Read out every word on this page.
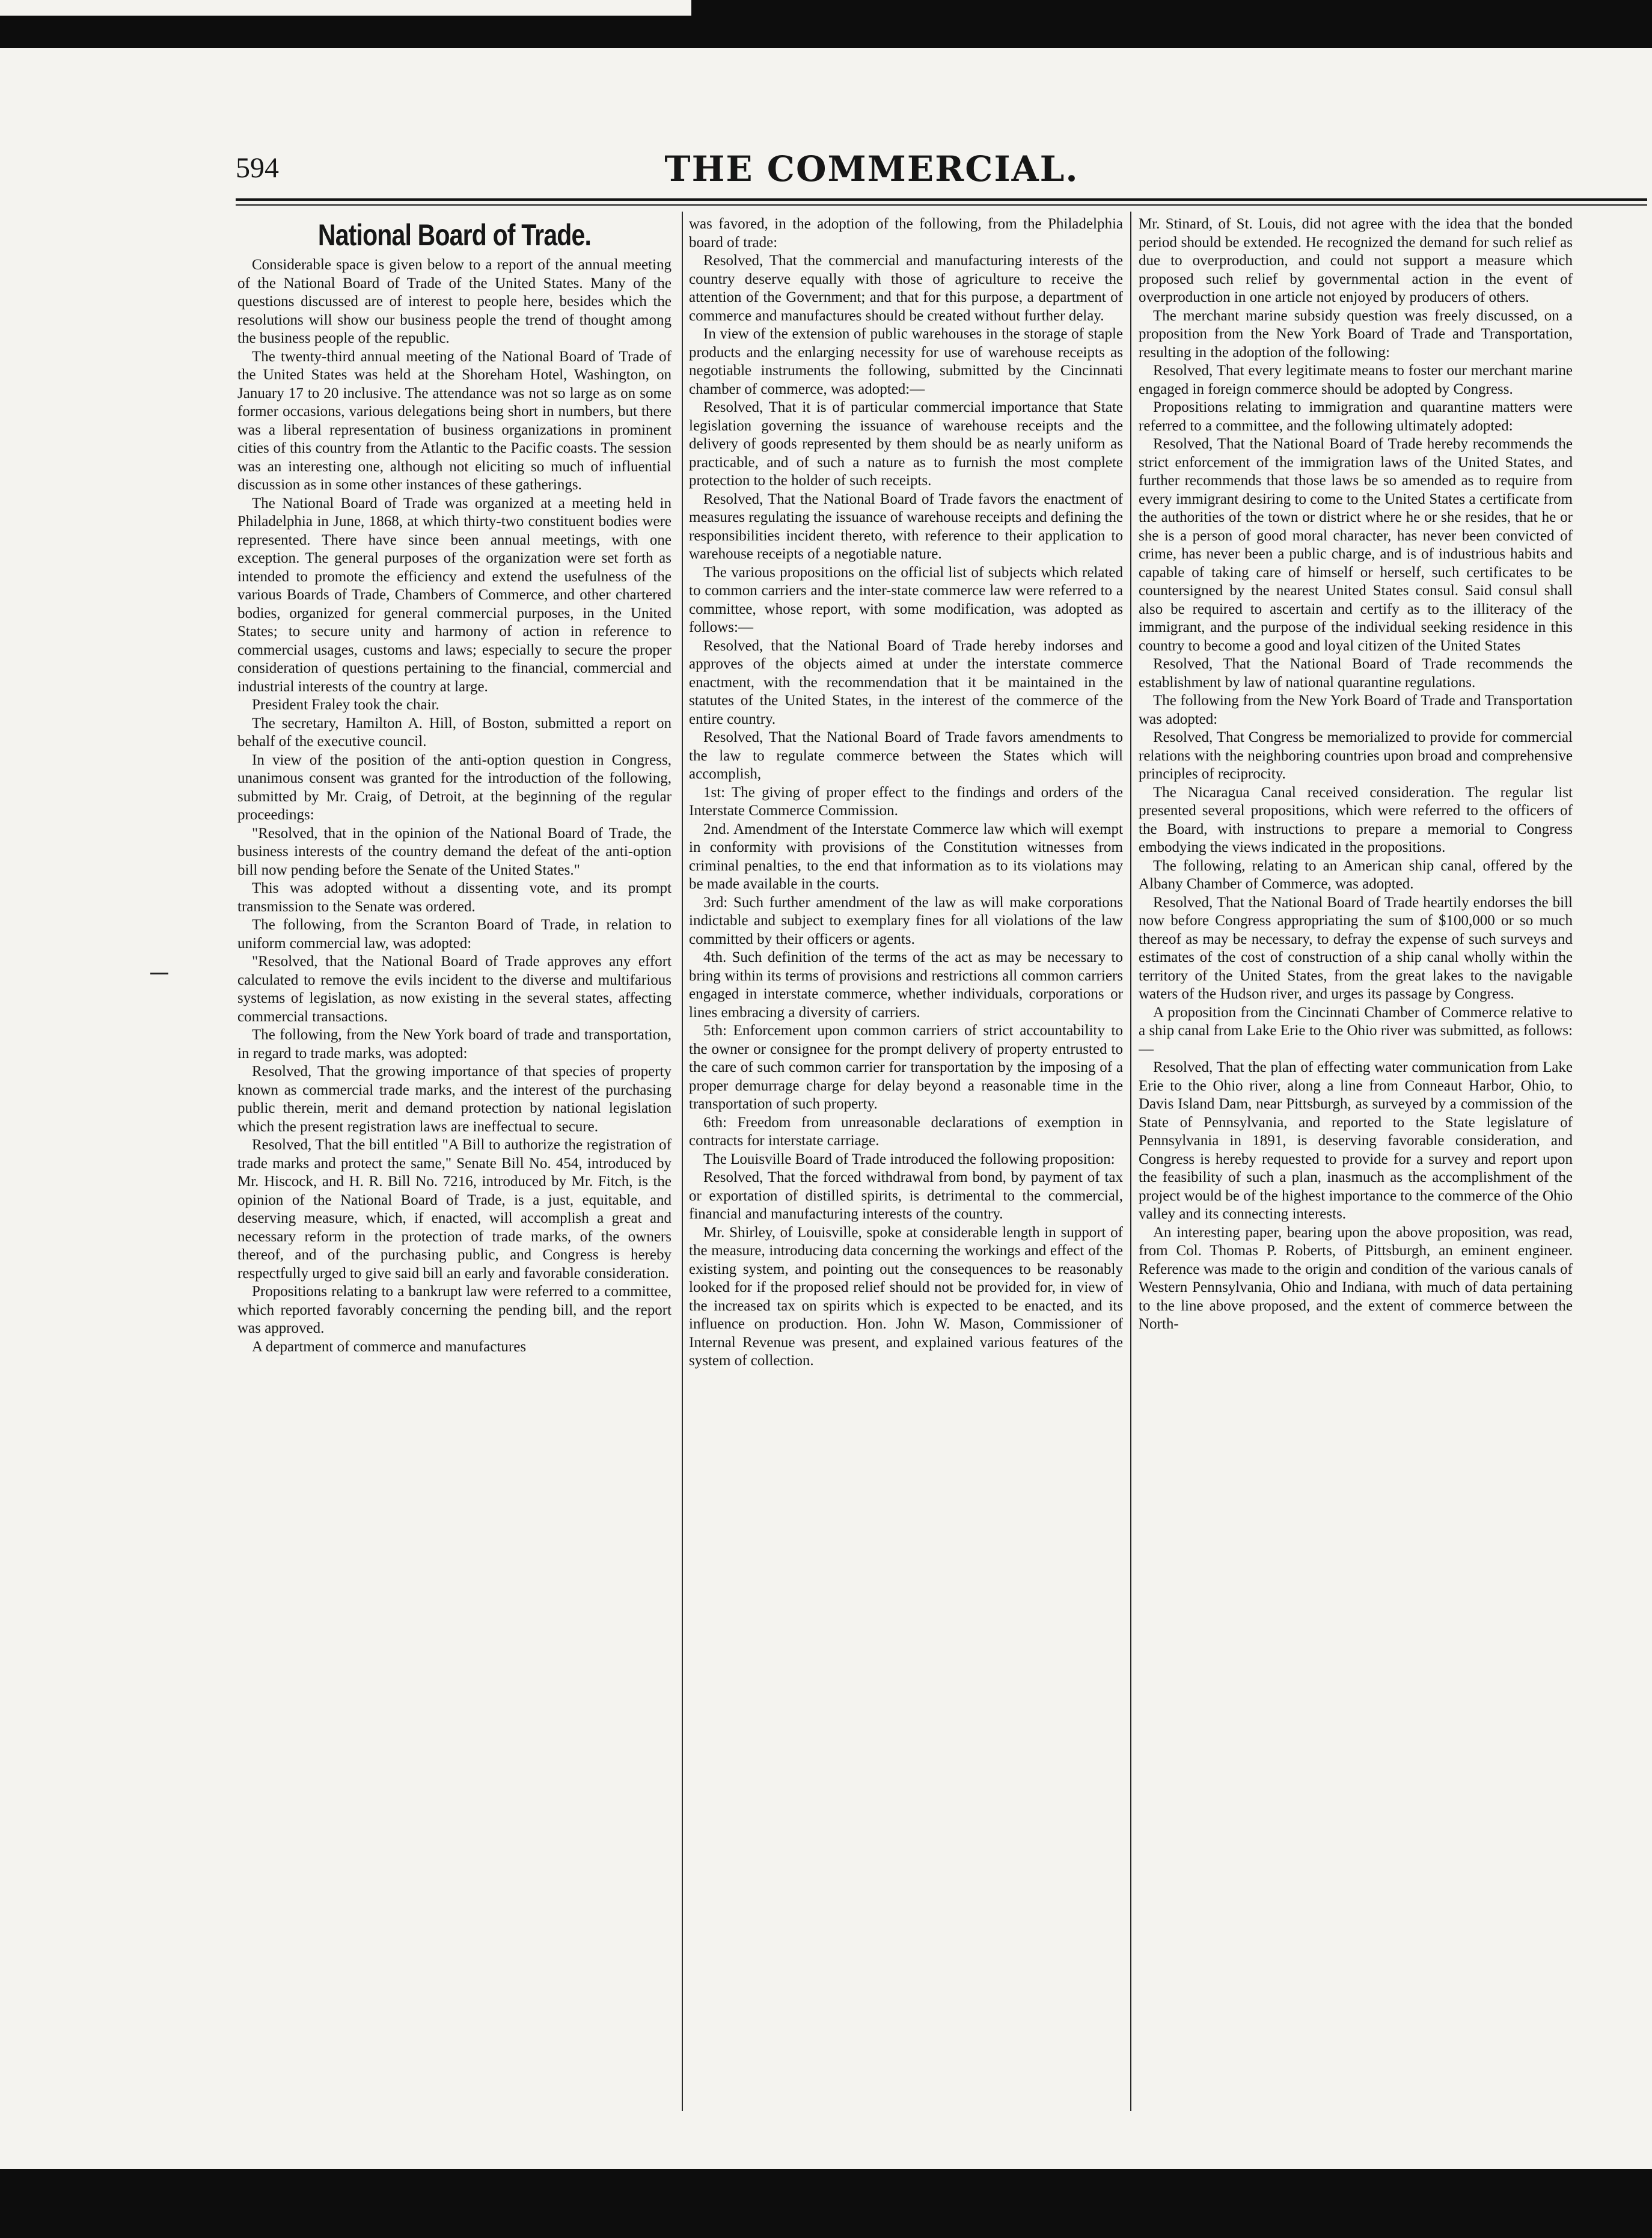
594	THE COMMERCIAL.
National Board of Trade.

Considerable space is given below to a report of the annual meeting of the National Board of Trade of the United States. Many of the questions discussed are of interest to people here, besides which the resolutions will show our business people the trend of thought among the business people of the republic.

The twenty-third annual meeting of the National Board of Trade of the United States was held at the Shoreham Hotel, Washington, on January 17 to 20 inclusive. The attendance was not so large as on some former occasions, various delegations being short in numbers, but there was a liberal representation of business organizations in prominent cities of this country from the Atlantic to the Pacific coasts. The session was an interesting one, although not eliciting so much of influential discussion as in some other instances of these gatherings.

The National Board of Trade was organized at a meeting held in Philadelphia in June, 1868, at which thirty-two constituent bodies were represented. There have since been annual meetings, with one exception. The general purposes of the organization were set forth as intended to promote the efficiency and extend the usefulness of the various Boards of Trade, Chambers of Commerce, and other chartered bodies, organized for general commercial purposes, in the United States; to secure unity and harmony of action in reference to commercial usages, customs and laws; especially to secure the proper consideration of questions pertaining to the financial, commercial and industrial interests of the country at large.

President Fraley took the chair.

The secretary, Hamilton A. Hill, of Boston, submitted a report on behalf of the executive council.

In view of the position of the anti-option question in Congress, unanimous consent was granted for the introduction of the following, submitted by Mr. Craig, of Detroit, at the beginning of the regular proceedings:

"Resolved, that in the opinion of the National Board of Trade, the business interests of the country demand the defeat of the anti-option bill now pending before the Senate of the United States."

This was adopted without a dissenting vote, and its prompt transmission to the Senate was ordered.

The following, from the Scranton Board of Trade, in relation to uniform commercial law, was adopted:

"Resolved, that the National Board of Trade approves any effort calculated to remove the evils incident to the diverse and multifarious systems of legislation, as now existing in the several states, affecting commercial transactions.

The following, from the New York board of trade and transportation, in regard to trade marks, was adopted:

Resolved, That the growing importance of that species of property known as commercial trade marks, and the interest of the purchasing public therein, merit and demand protection by national legislation which the present registration laws are ineffectual to secure.

Resolved, That the bill entitled "A Bill to authorize the registration of trade marks and protect the same," Senate Bill No. 454, introduced by Mr. Hiscock, and H. R. Bill No. 7216, introduced by Mr. Fitch, is the opinion of the National Board of Trade, is a just, equitable, and deserving measure, which, if enacted, will accomplish a great and necessary reform in the protection of trade marks, of the owners thereof, and of the purchasing public, and Congress is hereby respectfully urged to give said bill an early and favorable consideration.

Propositions relating to a bankrupt law were referred to a committee, which reported favorably concerning the pending bill, and the report was approved.

A department of commerce and manufactures

was favored, in the adoption of the following, from the Philadelphia board of trade:

Resolved, That the commercial and manufacturing interests of the country deserve equally with those of agriculture to receive the attention of the Government; and that for this purpose, a department of commerce and manufactures should be created without further delay.

In view of the extension of public warehouses in the storage of staple products and the enlarging necessity for use of warehouse receipts as negotiable instruments the following, submitted by the Cincinnati chamber of commerce, was adopted:—

Resolved, That it is of particular commercial importance that State legislation governing the issuance of warehouse receipts and the delivery of goods represented by them should be as nearly uniform as practicable, and of such a nature as to furnish the most complete protection to the holder of such receipts.

Resolved, That the National Board of Trade favors the enactment of measures regulating the issuance of warehouse receipts and defining the responsibilities incident thereto, with reference to their application to warehouse receipts of a negotiable nature.

The various propositions on the official list of subjects which related to common carriers and the inter-state commerce law were referred to a committee, whose report, with some modification, was adopted as follows:—

Resolved, that the National Board of Trade hereby indorses and approves of the objects aimed at under the interstate commerce enactment, with the recommendation that it be maintained in the statutes of the United States, in the interest of the commerce of the entire country.

Resolved, That the National Board of Trade favors amendments to the law to regulate commerce between the States which will accomplish,

1st: The giving of proper effect to the findings and orders of the Interstate Commerce Commission.

2nd. Amendment of the Interstate Commerce law which will exempt in conformity with provisions of the Constitution witnesses from criminal penalties, to the end that information as to its violations may be made available in the courts.

3rd: Such further amendment of the law as will make corporations indictable and subject to exemplary fines for all violations of the law committed by their officers or agents.

4th. Such definition of the terms of the act as may be necessary to bring within its terms of provisions and restrictions all common carriers engaged in interstate commerce, whether individuals, corporations or lines embracing a diversity of carriers.

5th: Enforcement upon common carriers of strict accountability to the owner or consignee for the prompt delivery of property entrusted to the care of such common carrier for transportation by the imposing of a proper demurrage charge for delay beyond a reasonable time in the transportation of such property.

6th: Freedom from unreasonable declarations of exemption in contracts for interstate carriage.

The Louisville Board of Trade introduced the following proposition:

Resolved, That the forced withdrawal from bond, by payment of tax or exportation of distilled spirits, is detrimental to the commercial, financial and manufacturing interests of the country.

Mr. Shirley, of Louisville, spoke at considerable length in support of the measure, introducing data concerning the workings and effect of the existing system, and pointing out the consequences to be reasonably looked for if the proposed relief should not be provided for, in view of the increased tax on spirits which is expected to be enacted, and its influence on production. Hon. John W. Mason, Commissioner of Internal Revenue was present, and explained various features of the system of collection.

Mr. Stinard, of St. Louis, did not agree with the idea that the bonded period should be extended. He recognized the demand for such relief as due to overproduction, and could not support a measure which proposed such relief by governmental action in the event of overproduction in one article not enjoyed by producers of others.

The merchant marine subsidy question was freely discussed, on a proposition from the New York Board of Trade and Transportation, resulting in the adoption of the following:

Resolved, That every legitimate means to foster our merchant marine engaged in foreign commerce should be adopted by Congress.

Propositions relating to immigration and quarantine matters were referred to a committee, and the following ultimately adopted:

Resolved, That the National Board of Trade hereby recommends the strict enforcement of the immigration laws of the United States, and further recommends that those laws be so amended as to require from every immigrant desiring to come to the United States a certificate from the authorities of the town or district where he or she resides, that he or she is a person of good moral character, has never been convicted of crime, has never been a public charge, and is of industrious habits and capable of taking care of himself or herself, such certificates to be countersigned by the nearest United States consul. Said consul shall also be required to ascertain and certify as to the illiteracy of the immigrant, and the purpose of the individual seeking residence in this country to become a good and loyal citizen of the United States

Resolved, That the National Board of Trade recommends the establishment by law of national quarantine regulations.

The following from the New York Board of Trade and Transportation was adopted:

Resolved, That Congress be memorialized to provide for commercial relations with the neighboring countries upon broad and comprehensive principles of reciprocity.

The Nicaragua Canal received consideration. The regular list presented several propositions, which were referred to the officers of the Board, with instructions to prepare a memorial to Congress embodying the views indicated in the propositions.

The following, relating to an American ship canal, offered by the Albany Chamber of Commerce, was adopted.

Resolved, That the National Board of Trade heartily endorses the bill now before Congress appropriating the sum of $100,000 or so much thereof as may be necessary, to defray the expense of such surveys and estimates of the cost of construction of a ship canal wholly within the territory of the United States, from the great lakes to the navigable waters of the Hudson river, and urges its passage by Congress.

A proposition from the Cincinnati Chamber of Commerce relative to a ship canal from Lake Erie to the Ohio river was submitted, as follows:—

Resolved, That the plan of effecting water communication from Lake Erie to the Ohio river, along a line from Conneaut Harbor, Ohio, to Davis Island Dam, near Pittsburgh, as surveyed by a commission of the State of Pennsylvania, and reported to the State legislature of Pennsylvania in 1891, is deserving favorable consideration, and Congress is hereby requested to provide for a survey and report upon the feasibility of such a plan, inasmuch as the accomplishment of the project would be of the highest importance to the commerce of the Ohio valley and its connecting interests.

An interesting paper, bearing upon the above proposition, was read, from Col. Thomas P. Roberts, of Pittsburgh, an eminent engineer. Reference was made to the origin and condition of the various canals of Western Pennsylvania, Ohio and Indiana, with much of data pertaining to the line above proposed, and the extent of commerce between the North-
